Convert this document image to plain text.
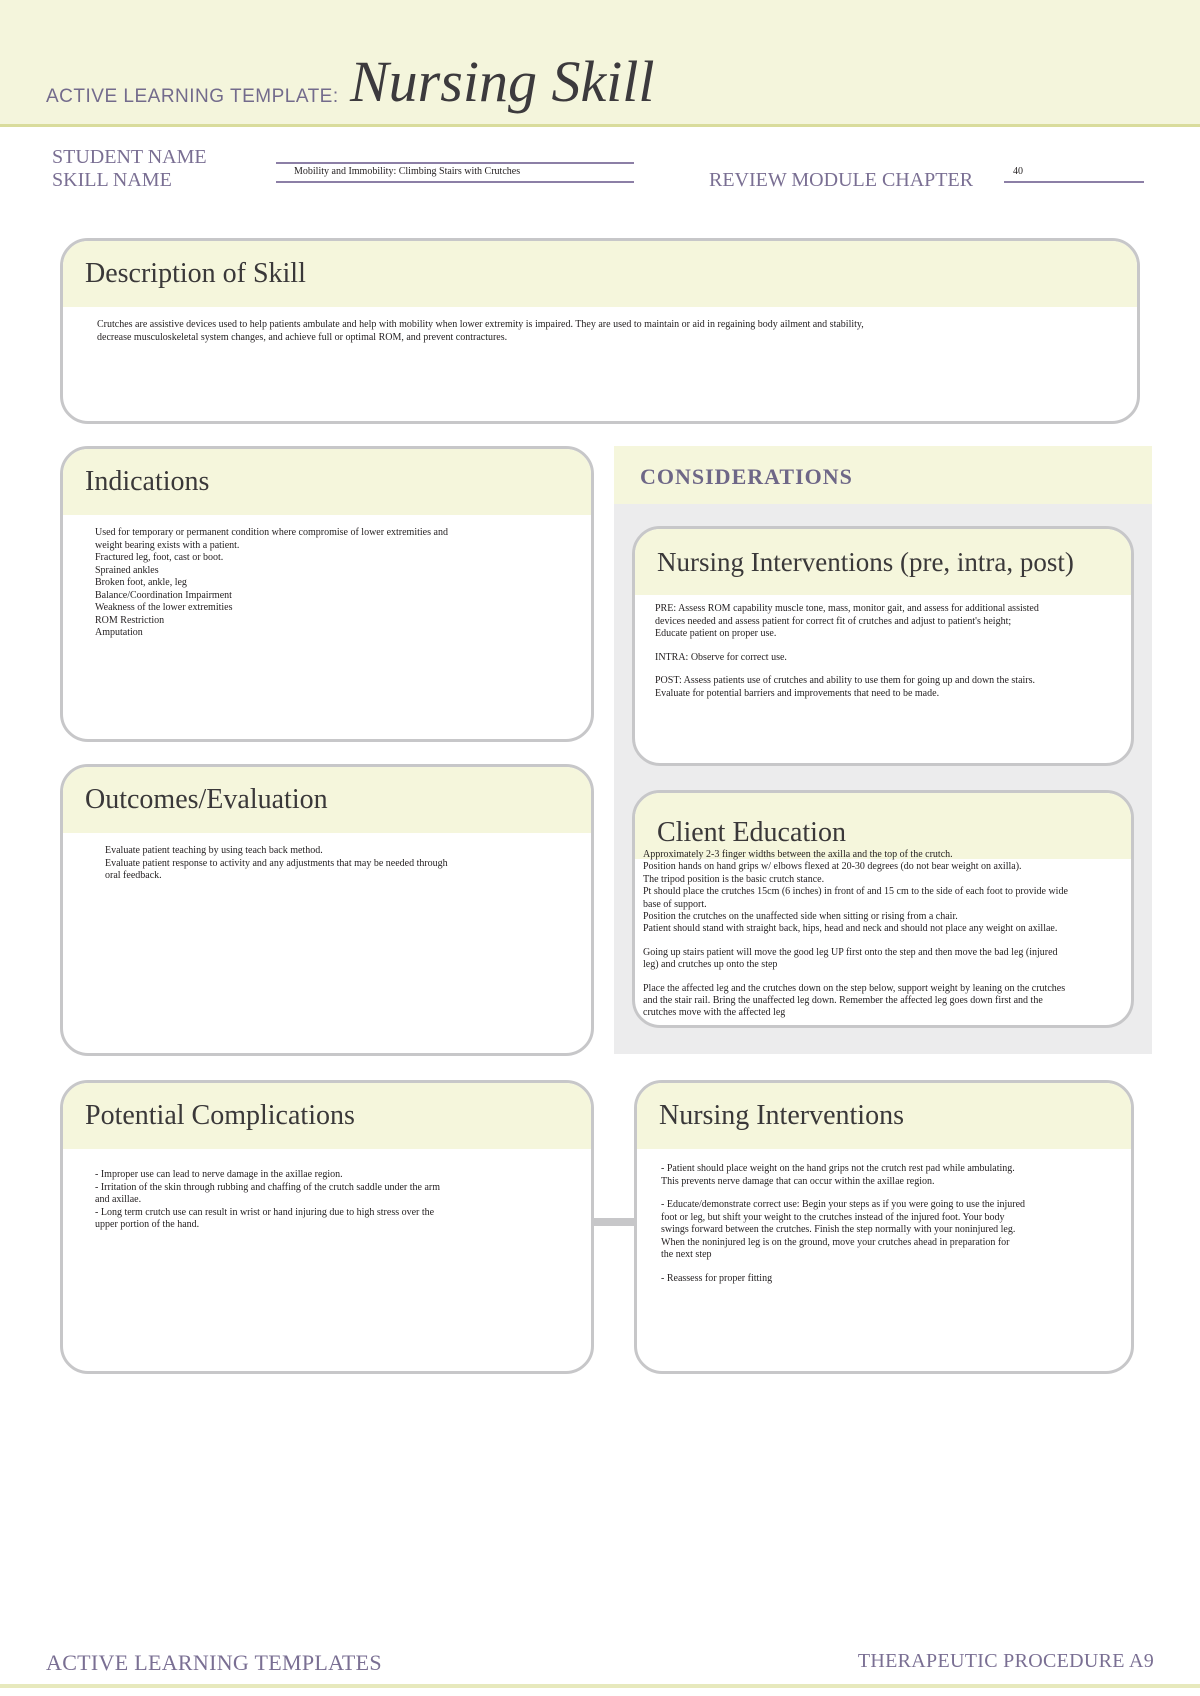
ACTIVE LEARNING TEMPLATE: Nursing Skill
STUDENT NAME
SKILL NAME	Mobility and Immobility: Climbing Stairs with Crutches	REVIEW MODULE CHAPTER	40
Description of Skill

Crutches are assistive devices used to help patients ambulate and help with mobility when lower extremity is impaired. They are used to maintain or aid in regaining body ailment and stability,

decrease musculoskeletal system changes, and achieve full or optimal ROM, and prevent contractures.

Indications

Used for temporary or permanent condition where compromise of lower extremities and

weight bearing exists with a patient.

Fractured leg, foot, cast or boot.

Sprained ankles

Broken foot, ankle, leg

Balance/Coordination Impairment

Weakness of the lower extremities

ROM Restriction

Amputation

CONSIDERATIONS
Nursing Interventions (pre, intra, post)

PRE: Assess ROM capability muscle tone, mass, monitor gait, and assess for additional assisted

devices needed and assess patient for correct fit of crutches and adjust to patient's height;

Educate patient on proper use.

INTRA: Observe for correct use.

POST: Assess patients use of crutches and ability to use them for going up and down the stairs.

Evaluate for potential barriers and improvements that need to be made.

Outcomes/Evaluation

Evaluate patient teaching by using teach back method.

Evaluate patient response to activity and any adjustments that may be needed through

oral feedback.

Client Education

Approximately 2-3 finger widths between the axilla and the top of the crutch.

Position hands on hand grips w/ elbows flexed at 20-30 degrees (do not bear weight on axilla).

The tripod position is the basic crutch stance.

Pt should place the crutches 15cm (6 inches) in front of and 15 cm to the side of each foot to provide wide

base of support.

Position the crutches on the unaffected side when sitting or rising from a chair.

Patient should stand with straight back, hips, head and neck and should not place any weight on axillae.

Going up stairs patient will move the good leg UP first onto the step and then move the bad leg (injured

leg) and crutches up onto the step

Place the affected leg and the crutches down on the step below, support weight by leaning on the crutches

and the stair rail. Bring the unaffected leg down. Remember the affected leg goes down first and the

crutches move with the affected leg

Potential Complications

- Improper use can lead to nerve damage in the axillae region.

- Irritation of the skin through rubbing and chaffing of the crutch saddle under the arm

and axillae.

- Long term crutch use can result in wrist or hand injuring due to high stress over the

upper portion of the hand.

Nursing Interventions

- Patient should place weight on the hand grips not the crutch rest pad while ambulating.

This prevents nerve damage that can occur within the axillae region.

- Educate/demonstrate correct use: Begin your steps as if you were going to use the injured

foot or leg, but shift your weight to the crutches instead of the injured foot. Your body

swings forward between the crutches. Finish the step normally with your noninjured leg.

When the noninjured leg is on the ground, move your crutches ahead in preparation for

the next step

- Reassess for proper fitting

ACTIVE LEARNING TEMPLATES	THERAPEUTIC PROCEDURE A9
